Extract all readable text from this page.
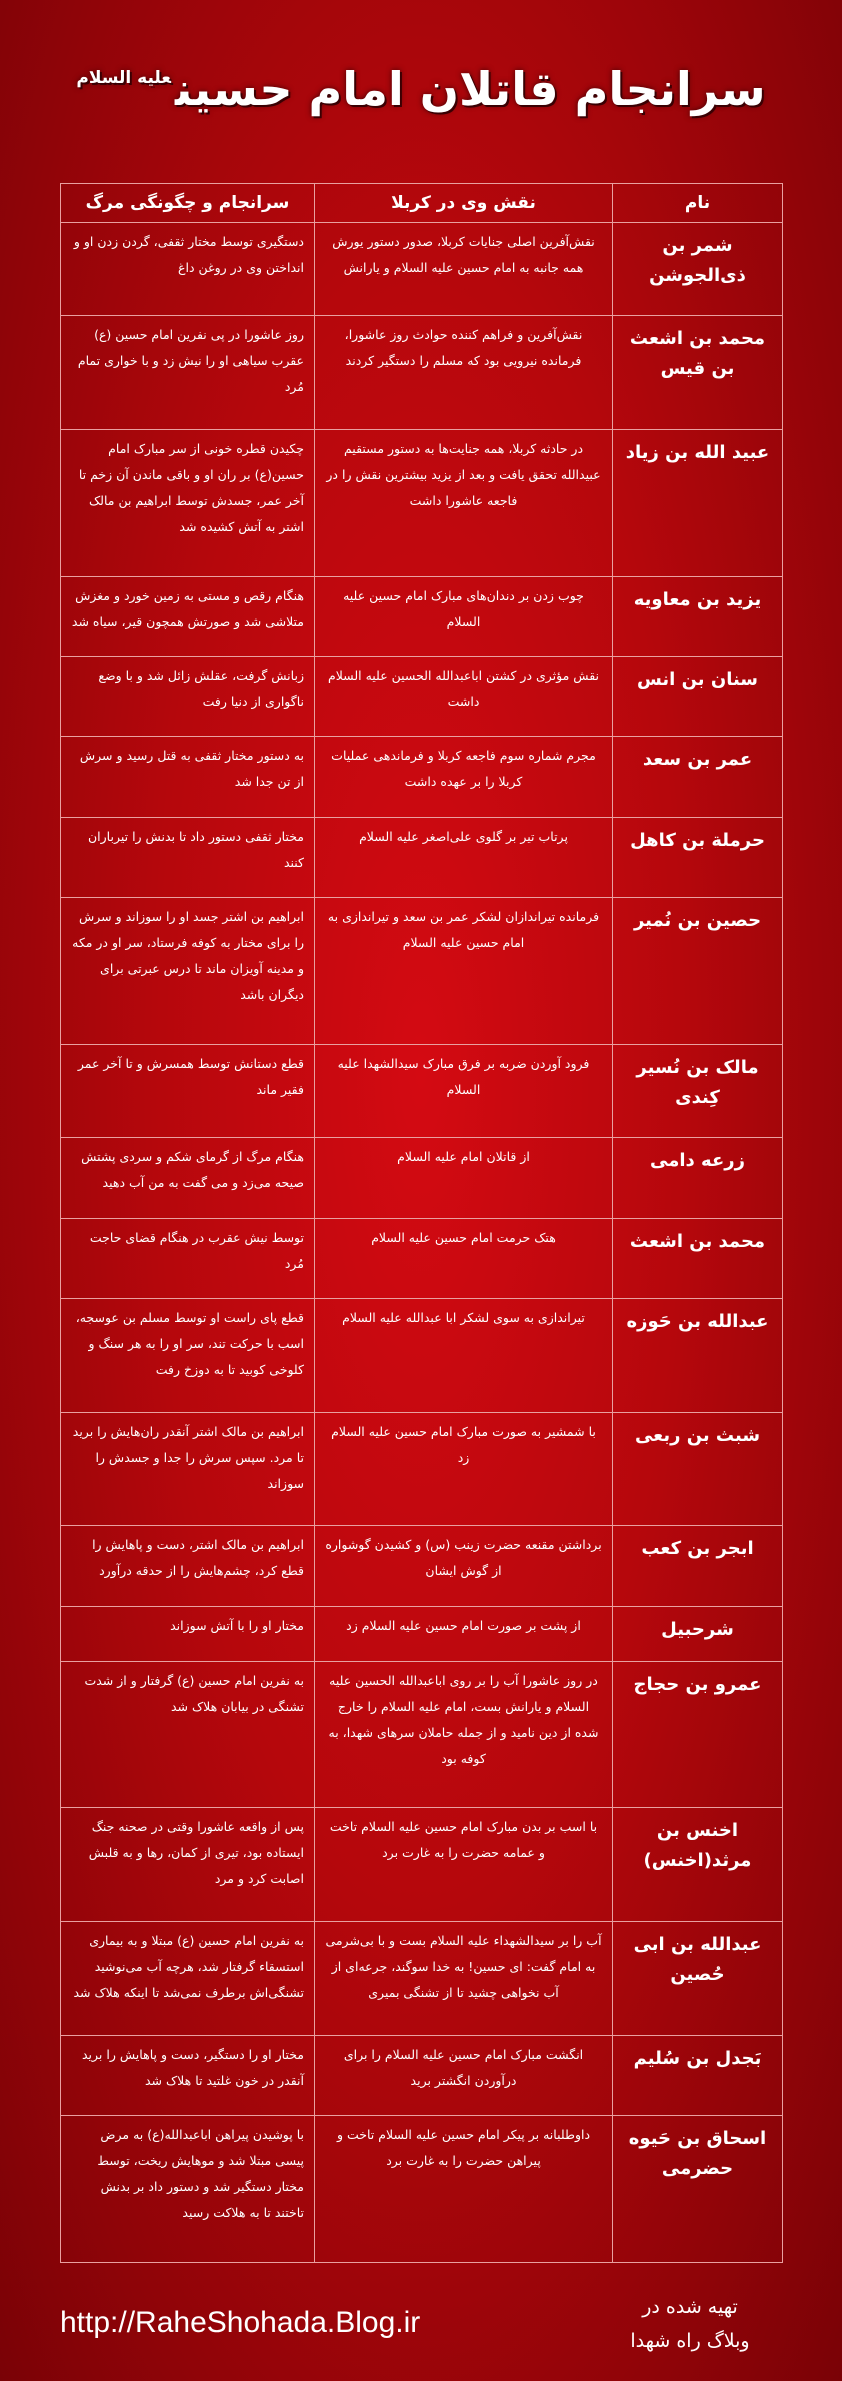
سرانجام قاتلان امام حسین$^{علیه السلام}$
نام	نقش وی در کربلا	سرانجام و چگونگی مرگ
شمر بن ذی‌الجوشن	نقش‌آفرین اصلی جنایات کربلا، صدور دستور یورش همه جانبه به امام حسین علیه السلام و یارانش	دستگیری توسط مختار ثقفی، گردن زدن او و انداختن وی در روغن داغ
محمد بن اشعث بن قیس	نقش‌آفرین و فراهم کننده حوادث روز عاشورا، فرمانده نیرویی بود که مسلم را دستگیر کردند	روز عاشورا در پی نفرین امام حسین (ع) عقرب سیاهی او را نیش زد و با خواری تمام مُرد
عبید الله بن زیاد	در حادثه کربلا، همه جنایت‌ها به دستور مستقیم عبیدالله تحقق یافت و بعد از یزید بیشترین نقش را در فاجعه عاشورا داشت	چکیدن قطره خونی از سر مبارک امام حسین(ع) بر ران او و باقی ماندن آن زخم تا آخر عمر، جسدش توسط ابراهیم بن مالک اشتر به آتش کشیده شد
یزید بن معاویه	چوب زدن بر دندان‌های مبارک امام حسین علیه السلام	هنگام رقص و مستی به زمین خورد و مغزش متلاشی شد و صورتش همچون قیر، سیاه شد
سنان بن انس	نقش مؤثری در کشتن اباعبدالله الحسین علیه السلام داشت	زبانش گرفت، عقلش زائل شد و با وضع ناگواری از دنیا رفت
عمر بن سعد	مجرم شماره سوم فاجعه کربلا و فرماندهی عملیات کربلا را بر عهده داشت	به دستور مختار ثقفی به قتل رسید و سرش از تن جدا شد
حرملة بن کاهل	پرتاب تیر بر گلوی علی‌اصغر علیه السلام	مختار ثقفی دستور داد تا بدنش را تیرباران کنند
حصین بن نُمیر	فرمانده تیراندازان لشکر عمر بن سعد و تیراندازی به امام حسین علیه السلام	ابراهیم بن اشتر جسد او را سوزاند و سرش را برای مختار به کوفه فرستاد، سر او در مکه و مدینه آویزان ماند تا درس عبرتی برای دیگران باشد
مالک بن نُسیر کِندی	فرود آوردن ضربه بر فرق مبارک سیدالشهدا علیه السلام	قطع دستانش توسط همسرش و تا آخر عمر فقیر ماند
زرعه دامی	از قاتلان امام علیه السلام	هنگام مرگ از گرمای شکم و سردی پشتش صیحه می‌زد و می گفت به من آب دهید
محمد بن اشعث	هتک حرمت امام حسین علیه السلام	توسط نیش عقرب در هنگام قضای حاجت مُرد
عبدالله بن حَوزه	تیراندازی به سوی لشکر ابا عبدالله علیه السلام	قطع پای راست او توسط مسلم بن عوسجه، اسب با حرکت تند، سر او را به هر سنگ و کلوخی کوبید تا به دوزخ رفت
شبث بن ربعی	با شمشیر به صورت مبارک امام حسین علیه السلام زد	ابراهیم بن مالک اشتر آنقدر ران‌هایش را برید تا مرد. سپس سرش را جدا و جسدش را سوزاند
ابجر بن کعب	برداشتن مقنعه حضرت زینب (س) و کشیدن گوشواره از گوش ایشان	ابراهیم بن مالک اشتر، دست و پاهایش را قطع کرد، چشم‌هایش را از حدقه درآورد
شرحبیل	از پشت بر صورت امام حسین علیه السلام زد	مختار او را با آتش سوزاند
عمرو بن حجاج	در روز عاشورا آب را بر روی اباعبدالله الحسین علیه السلام و یارانش بست، امام علیه السلام را خارج شده از دین نامید و از جمله حاملان سرهای شهدا، به کوفه بود	به نفرین امام حسین (ع) گرفتار و از شدت تشنگی در بیابان هلاک شد
اخنس بن مرثد(اخنس)	با اسب بر بدن مبارک امام حسین علیه السلام تاخت و عمامه حضرت را به غارت برد	پس از واقعه عاشورا وقتی در صحنه جنگ ایستاده بود، تیری از کمان، رها و به قلبش اصابت کرد و مرد
عبدالله بن ابی حُصین	آب را بر سیدالشهداء علیه السلام بست و با بی‌شرمی به امام گفت: ای حسین! به خدا سوگند، جرعه‌ای از آب نخواهی چشید تا از تشنگی بمیری	به نفرین امام حسین (ع) مبتلا و به بیماری استسقاء گرفتار شد، هرچه آب می‌نوشید تشنگی‌اش برطرف نمی‌شد تا اینکه هلاک شد
بَجدل بن سُلیم	انگشت مبارک امام حسین علیه السلام را برای درآوردن انگشتر برید	مختار او را دستگیر، دست و پاهایش را برید آنقدر در خون غلتید تا هلاک شد
اسحاق بن حَیوه حضرمی	داوطلبانه بر پیکر امام حسین علیه السلام تاخت و پیراهن حضرت را به غارت برد	با پوشیدن پیراهن اباعبدالله(ع) به مرض پیسی مبتلا شد و موهایش ریخت، توسط مختار دستگیر شد و دستور داد بر بدنش تاختند تا به هلاکت رسید
http://RaheShohada.Blog.ir	تهیه شده در
وبلاگ راه شهدا
